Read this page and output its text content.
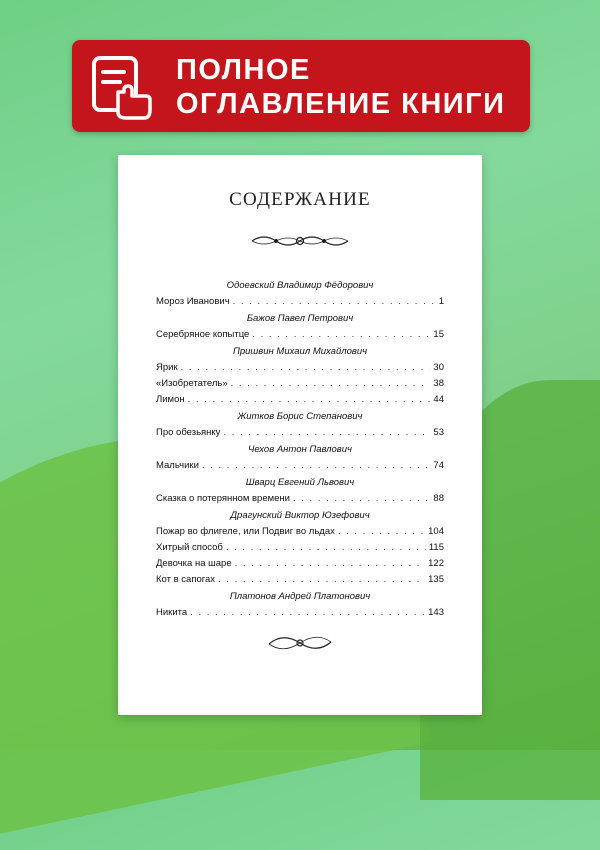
ПОЛНОЕ
ОГЛАВЛЕНИЕ КНИГИ
СОДЕРЖАНИЕ
Одоевский Владимир Фёдорович
Мороз Иванович . . .	1
Бажов Павел Петрович
Серебряное копытце . . .	15
Пришвин Михаил Михайлович
Ярик . . .	30
«Изобретатель» . . .	38
Лимон . . .	44
Житков Борис Степанович
Про обезьянку . . .	53
Чехов Антон Павлович
Мальчики . . .	74
Шварц Евгений Львович
Сказка о потерянном времени . . .	88
Драгунский Виктор Юзефович
Пожар во флигеле, или Подвиг во льдах . . .	104
Хитрый способ . . .	115
Девочка на шаре . . .	122
Кот в сапогах . . .	135
Платонов Андрей Платонович
Никита . . .	143
